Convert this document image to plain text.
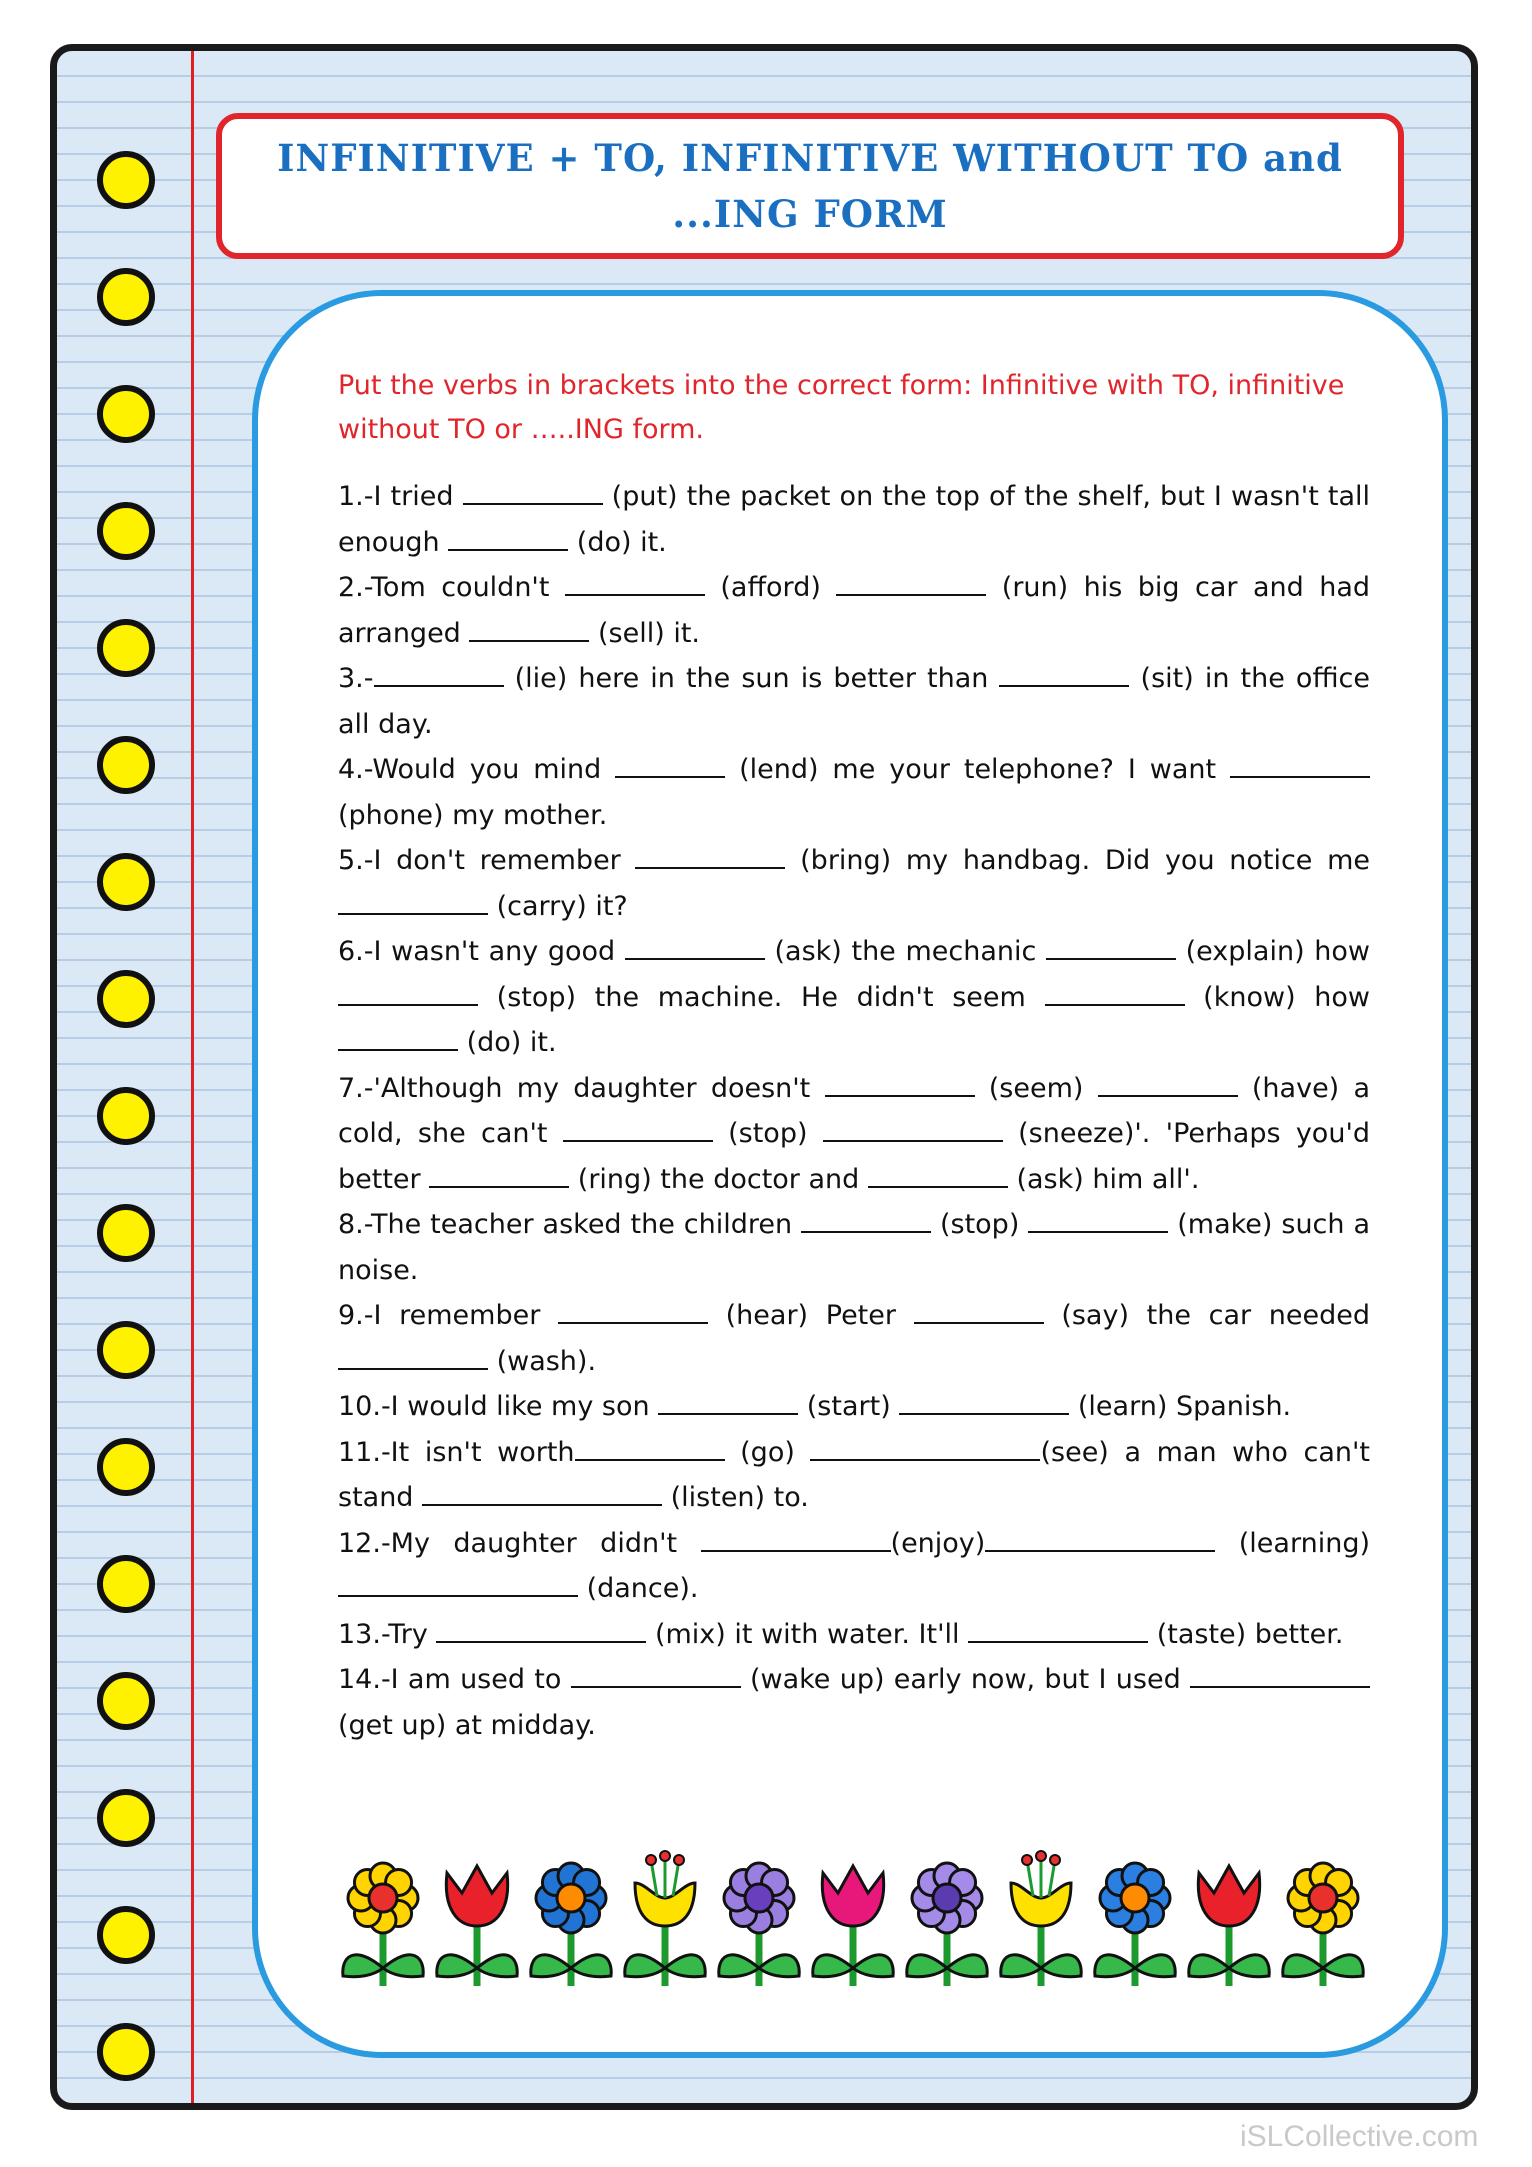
INFINITIVE + TO, INFINITIVE WITHOUT TO and
...ING FORM

Put the verbs in brackets into the correct form: Infinitive with TO, infinitive without TO or …..ING form.

1.-I tried	(put) the packet on the top of the shelf, but I wasn't tall enough	(do) it.
2.-Tom couldn't	(afford)	(run) his big car and had arranged	(sell) it.
3.-	(lie) here in the sun is better than	(sit) in the office all day.
4.-Would you mind	(lend) me your telephone? I want  (phone) my mother.
5.-I don't remember	(bring) my handbag. Did you notice me  (carry) it?
6.-I wasn't any good	(ask) the mechanic	(explain) how  (stop) the machine. He didn't seem	(know) how  (do) it.
7.-'Although my daughter doesn't	(seem)	(have) a cold, she can't	(stop)	(sneeze)'. 'Perhaps you'd better	(ring) the doctor and	(ask) him all'.
8.-The teacher asked the children	(stop)	(make) such a noise.
9.-I remember	(hear) Peter	(say) the car needed  (wash).
10.-I would like my son	(start)	(learn) Spanish.
11.-It isn't worth	(go)	(see) a man who can't stand	(listen) to.
12.-My daughter didn't	(enjoy)	(learning)  (dance).
13.-Try	(mix) it with water. It'll	(taste) better.
14.-I am used to	(wake up) early now, but I used (get up) at midday.
iSLCollective.com
